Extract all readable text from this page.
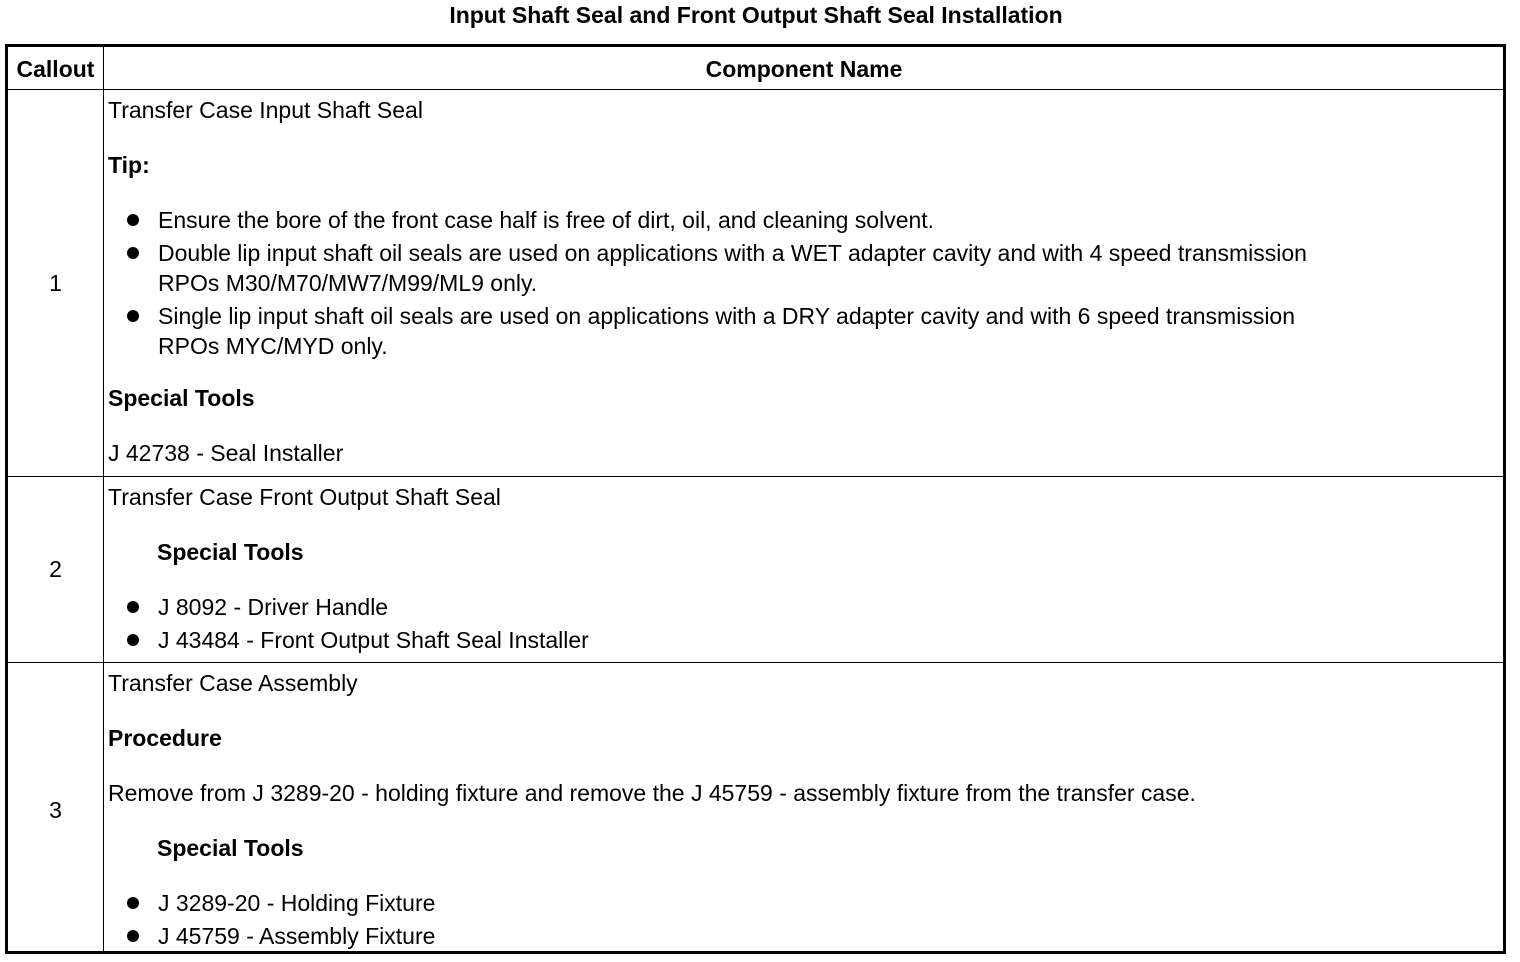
Input Shaft Seal and Front Output Shaft Seal Installation
Callout	Component Name
1

Transfer Case Input Shaft Seal

Tip:

Ensure the bore of the front case half is free of dirt, oil, and cleaning solvent.
Double lip input shaft oil seals are used on applications with a WET adapter cavity and with 4 speed transmission
RPOs M30/M70/MW7/M99/ML9 only.
Single lip input shaft oil seals are used on applications with a DRY adapter cavity and with 6 speed transmission
RPOs MYC/MYD only.

Special Tools

J 42738 - Seal Installer

2

Transfer Case Front Output Shaft Seal

Special Tools

J 8092 - Driver Handle
J 43484 - Front Output Shaft Seal Installer
3

Transfer Case Assembly

Procedure

Remove from J 3289-20 - holding fixture and remove the J 45759 - assembly fixture from the transfer case.

Special Tools

J 3289-20 - Holding Fixture
J 45759 - Assembly Fixture
